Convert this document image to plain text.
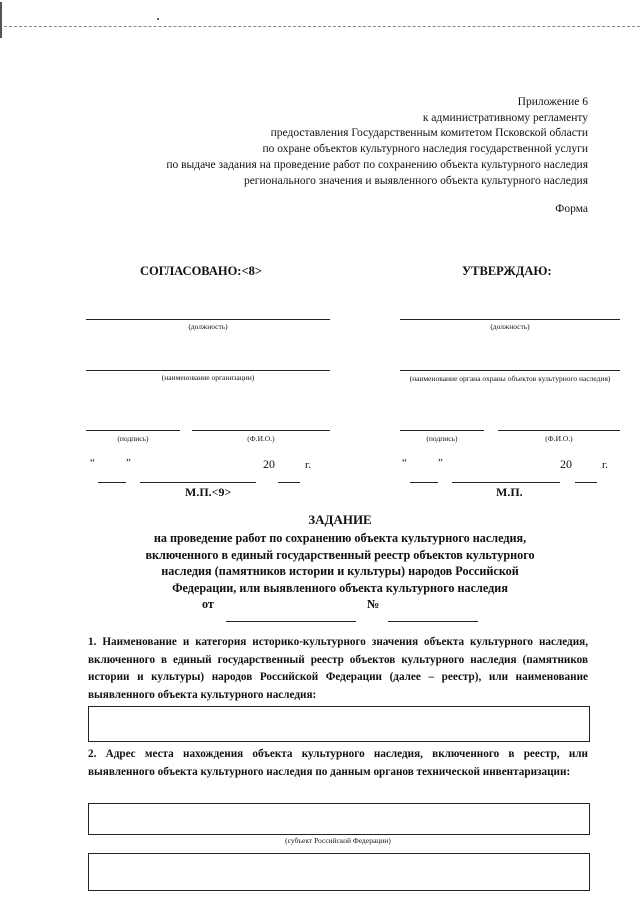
Приложение 6
к административному регламенту
предоставления Государственным комитетом Псковской области
по охране объектов культурного наследия государственной услуги
по выдаче задания на проведение работ по сохранению объекта культурного наследия
регионального значения и выявленного объекта культурного наследия
Форма
СОГЛАСОВАНО:<8>
(должность)
(наименование организации)
(подпись)	(Ф.И.О.)
“	”	20	г.
М.П.<9>
УТВЕРЖДАЮ:
(должность)
(наименование органа охраны объектов культурного наследия)
(подпись)	(Ф.И.О.)
“	”	20	г.
М.П.
ЗАДАНИЕ
на проведение работ по сохранению объекта культурного наследия,
включенного в единый государственный реестр объектов культурного
наследия (памятников истории и культуры) народов Российской
Федерации, или выявленного объекта культурного наследия
от	№
1. Наименование и категория историко-культурного значения объекта культурного наследия, включенного в единый государственный реестр объектов культурного наследия (памятников истории и культуры) народов Российской Федерации (далее – реестр), или наименование выявленного объекта культурного наследия:
2. Адрес места нахождения объекта культурного наследия, включенного в реестр, или выявленного объекта культурного наследия по данным органов технической инвентаризации:
(субъект Российской Федерации)
